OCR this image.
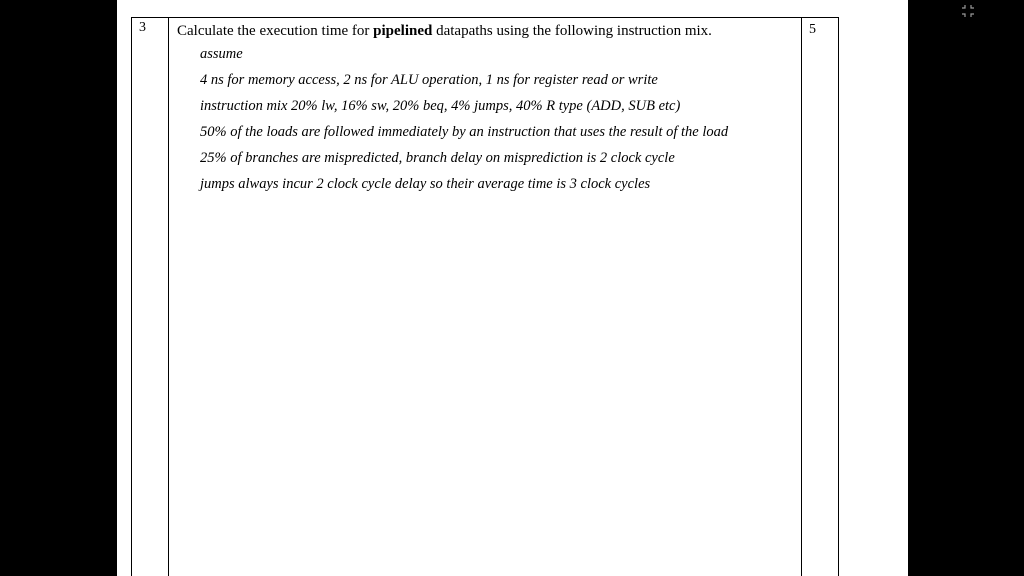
3 Calculate the execution time for pipelined datapaths using the following instruction mix.
assume
4 ns for memory access, 2 ns for ALU operation, 1 ns for register read or write
instruction mix 20% lw, 16% sw, 20% beq, 4% jumps, 40% R type (ADD, SUB etc)
50% of the loads are followed immediately by an instruction that uses the result of the load
25% of branches are mispredicted, branch delay on misprediction is 2 clock cycle
jumps always incur 2 clock cycle delay so their average time is 3 clock cycles
5
